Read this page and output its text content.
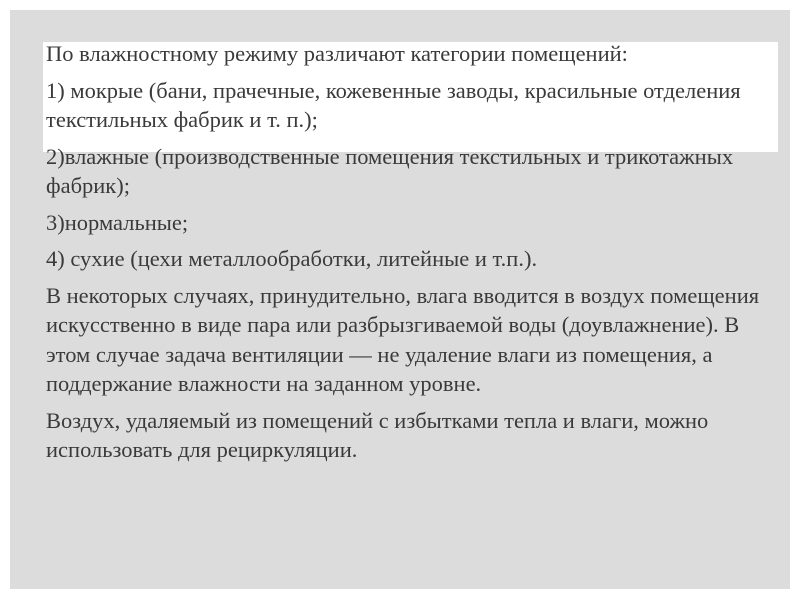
По влажностному режиму различают категории помещений:

1) мокрые (бани, прачечные, кожевенные заводы, красильные отделения текстильных фабрик и т. п.);

2)влажные (производственные помещения текстильных и трикотажных фабрик);

3)нормальные;

4) сухие (цехи металлообработки, литейные и т.п.).

В некоторых случаях, принудительно, влага вводится в воздух помещения искусственно в виде пара или разбрызгиваемой воды (доувлажнение). В этом случае задача вентиляции — не удаление влаги из помещения, а поддержание влажности на заданном уровне.

Воздух, удаляемый из помещений с избытками тепла и влаги, можно использовать для рециркуляции.
